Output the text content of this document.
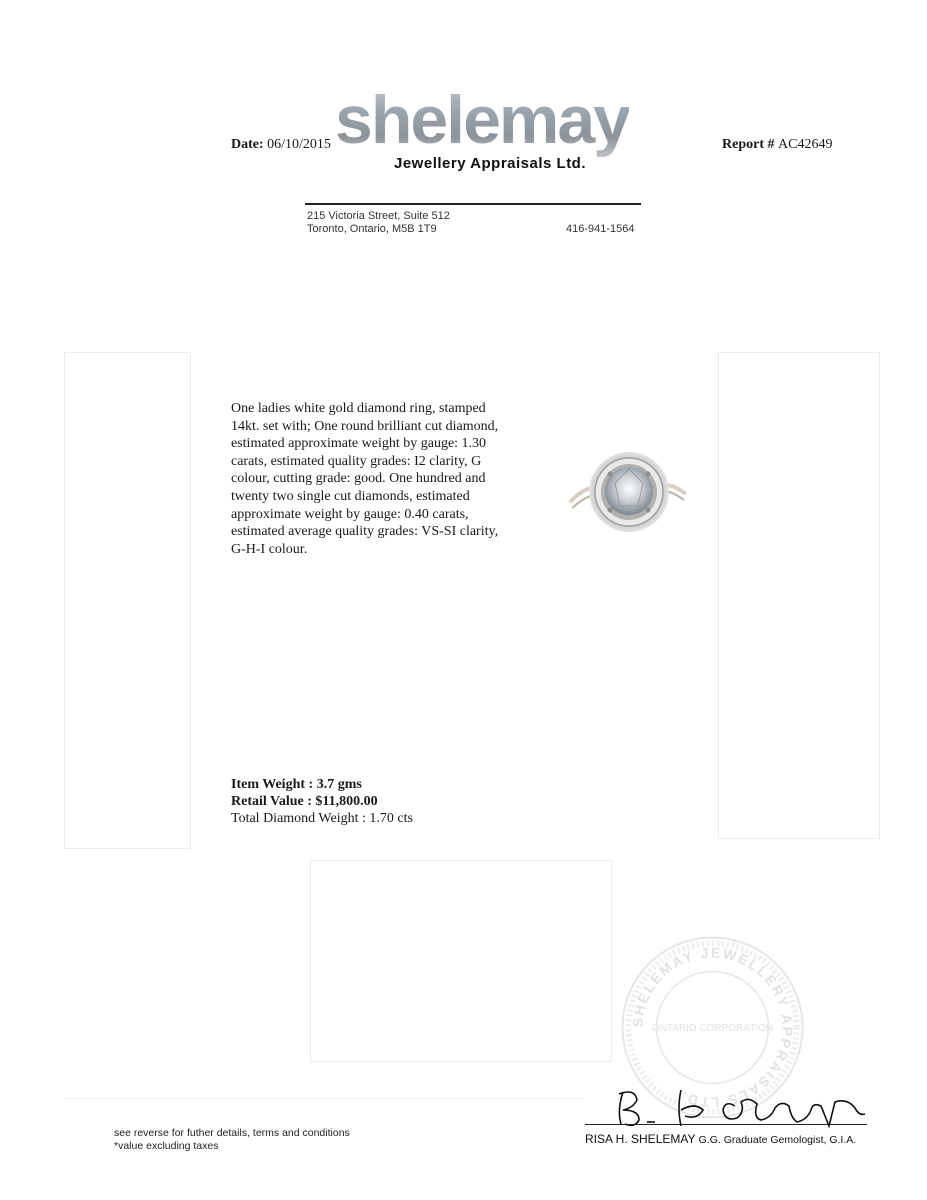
Date: 06/10/2015	Report # AC42649
shelemay
Jewellery Appraisals Ltd.
215 Victoria Street, Suite 512
Toronto, Ontario, M5B 1T9	416-941-1564
One ladies white gold diamond ring, stamped 14kt. set with; One round brilliant cut diamond, estimated approximate weight by gauge: 1.30 carats, estimated quality grades: I2 clarity, G colour, cutting grade: good. One hundred and twenty two single cut diamonds, estimated approximate weight by gauge: 0.40 carats, estimated average quality grades: VS-SI clarity, G-H-I colour.
Item Weight : 3.7 gms
Retail Value : $11,800.00
Total Diamond Weight : 1.70 cts
SHELEMAY JEWELLERY APPRAISALS LTD.
ONTARIO CORPORATION
RISA H. SHELEMAY G.G. Graduate Gemologist, G.I.A.
see reverse for futher details, terms and conditions
*value excluding taxes
